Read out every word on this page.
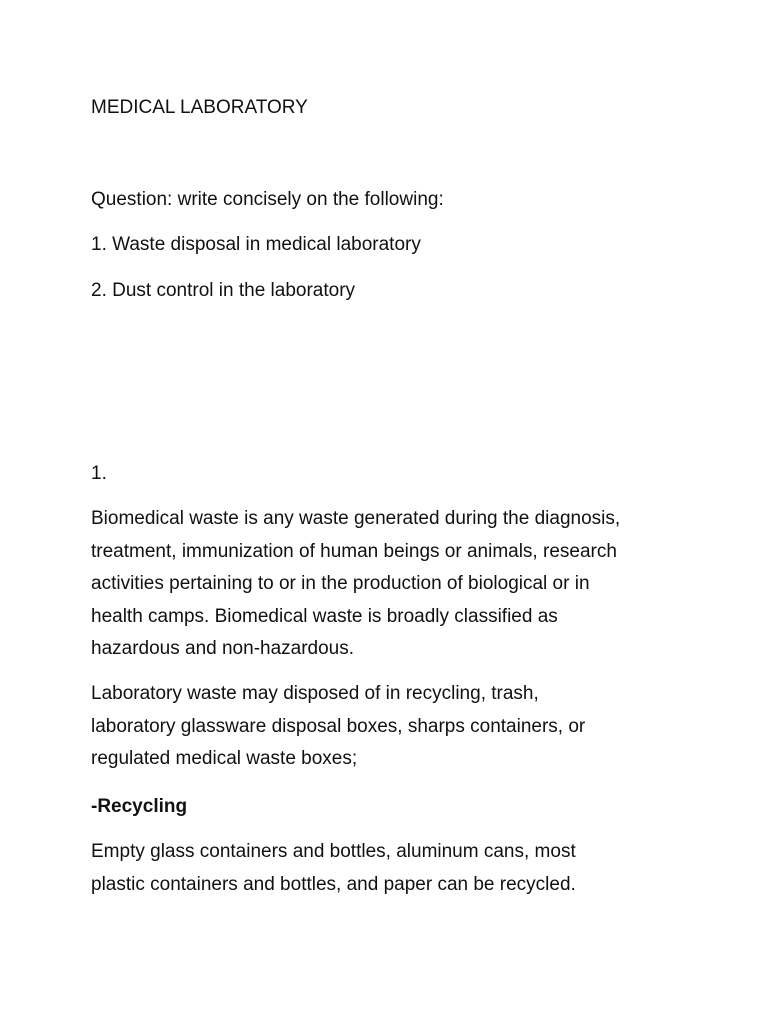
MEDICAL LABORATORY
Question: write concisely on the following:
1. Waste disposal in medical laboratory
2. Dust control in the laboratory
1.
Biomedical waste is any waste generated during the diagnosis,
treatment, immunization of human beings or animals, research
activities pertaining to or in the production of biological or in
health camps. Biomedical waste is broadly classified as
hazardous and non-hazardous.
Laboratory waste may disposed of in recycling, trash,
laboratory glassware disposal boxes, sharps containers, or
regulated medical waste boxes;
-Recycling
Empty glass containers and bottles, aluminum cans, most
plastic containers and bottles, and paper can be recycled.
